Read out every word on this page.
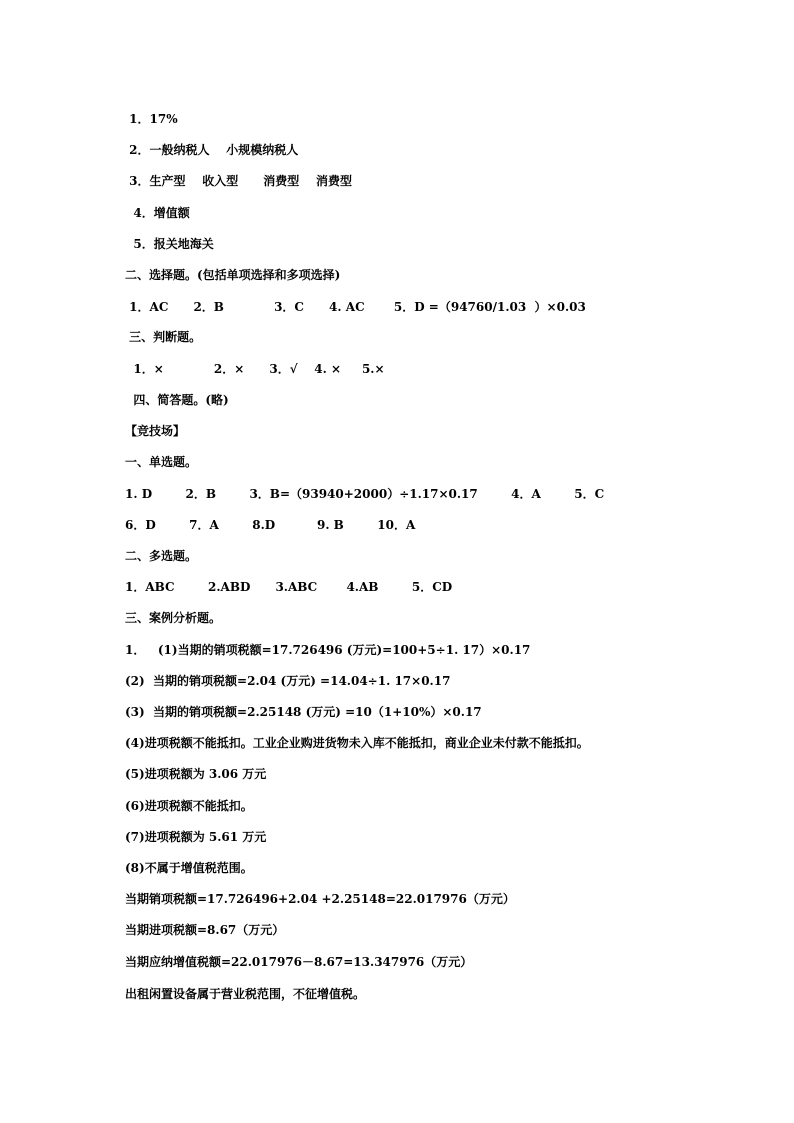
1．17%
2．一般纳税人    小规模纳税人
3．生产型    收入型      消费型    消费型
4．增值额
5．报关地海关
二、选择题。(包括单项选择和多项选择)
1．AC      2．B            3．C      4. AC       5．D =（94760/1.03  ）×0.03
三、判断题。
1．×            2．×      3．√    4. ×     5.×
四、简答题。(略)
【竞技场】
一、单选题。
1. D        2．B        3．B=（93940+2000）÷1.17×0.17        4．A        5．C
6．D        7．A        8.D          9. B        10．A
二、多选题。
1．ABC        2.ABD      3.ABC       4.AB        5．CD
三、案例分析题。
1．   (1)当期的销项税额=17.726496 (万元)=100+5÷1. 17）×0.17
(2)  当期的销项税额=2.04 (万元) =14.04÷1. 17×0.17
(3)  当期的销项税额=2.25148 (万元) =10（1+10%）×0.17
(4)进项税额不能抵扣。工业企业购进货物未入库不能抵扣，商业企业未付款不能抵扣。
(5)进项税额为 3.06 万元
(6)进项税额不能抵扣。
(7)进项税额为 5.61 万元
(8)不属于增值税范围。
当期销项税额=17.726496+2.04 +2.25148=22.017976（万元）
当期进项税额=8.67（万元）
当期应纳增值税额=22.017976－8.67=13.347976（万元）
出租闲置设备属于营业税范围，不征增值税。
